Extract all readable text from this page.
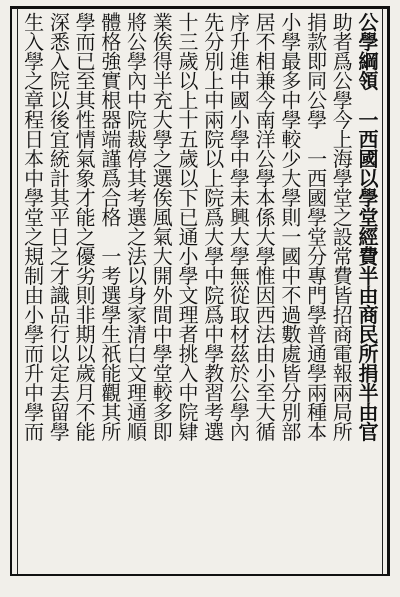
公學綱領　一西國以學堂經費半由商民所捐半由官
助者爲公學今上海學堂之設常費皆招商電報兩局所
捐款即同公學　一西國學堂分專門學普通學兩種本
小學最多中學較少大學則一國中不過數處皆分別部
居不相兼今南洋公學本係大學惟因西法由小至大循
序升進中國小學中學未興大學無從取材茲於公學內
先分別上中兩院以上院爲大學中院爲中學教習考選
十三歲以上十五歲以下已通小學文理者挑入中院肄
業俟得半充大學之選俟風氣大開外間中學堂較多即
將公學內中院裁停其考選之法以身家清白文理通順
體格強實根器端謹爲合格　一考選學生祇能觀其所
學而已至其性情氣象才能之優劣則非期以歲月不能
深悉入院以後宜統計其平日之才識品行以定去留學
生入學之章程日本中學堂之規制由小學而升中學而
